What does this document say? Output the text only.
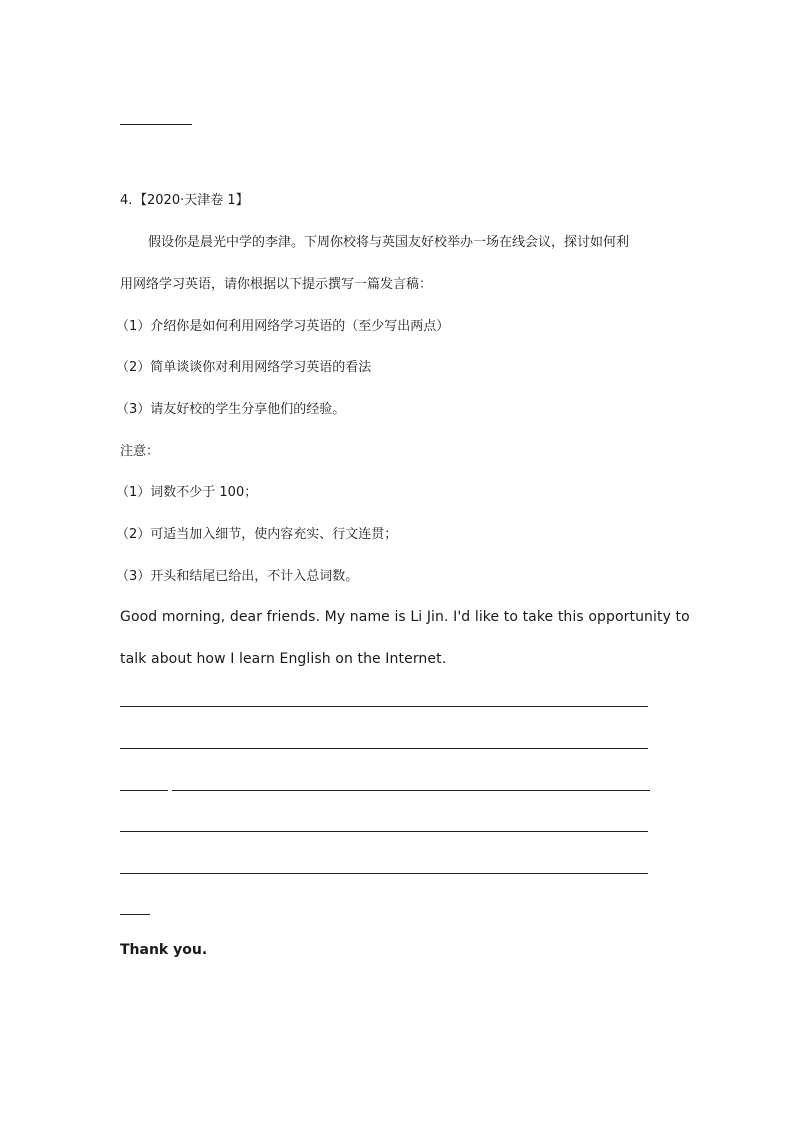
4. 【2020·天津卷 1】
假设你是晨光中学的李津。下周你校将与英国友好校举办一场在线会议，探讨如何利
用网络学习英语，请你根据以下提示撰写一篇发言稿：
（1）介绍你是如何利用网络学习英语的（至少写出两点）
（2）简单谈谈你对利用网络学习英语的看法
（3）请友好校的学生分享他们的经验。
注意：
（1）词数不少于 100；
（2）可适当加入细节，使内容充实、行文连贯；
（3）开头和结尾已给出，不计入总词数。
Good morning, dear friends. My name is Li Jin. I'd like to take this opportunity to
talk about how I learn English on the Internet.
Thank you.
